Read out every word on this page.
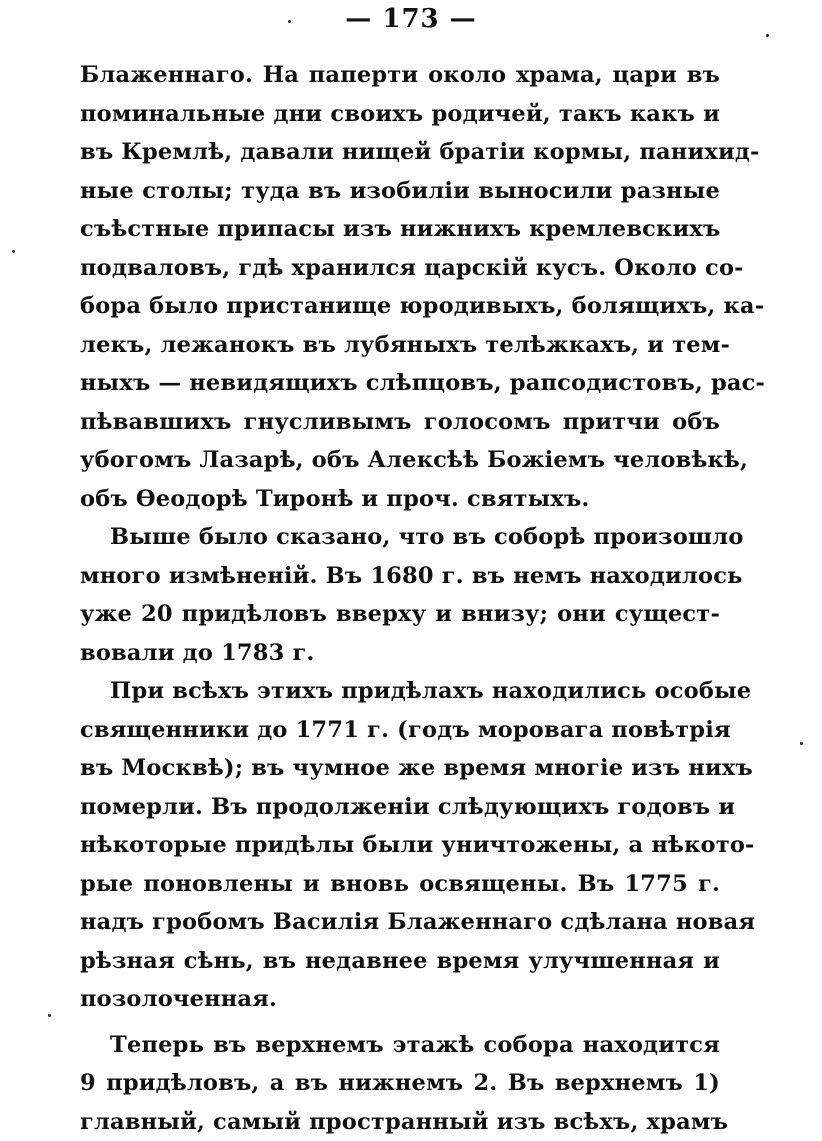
— 173 —
Блаженнаго. На паперти около храма, цари въ
поминальные дни своихъ родичей, такъ какъ и
въ Кремлѣ, давали нищей братіи кормы, панихид-
ные столы; туда въ изобиліи выносили разные
съѣстные припасы изъ нижнихъ кремлевскихъ
подваловъ, гдѣ хранился царскій кусъ. Около со-
бора было пристанище юродивыхъ, болящихъ, ка-
лекъ, лежанокъ въ лубяныхъ телѣжкахъ, и тем-
ныхъ — невидящихъ слѣпцовъ, рапсодистовъ, рас-
пѣвавшихъ гнусливымъ голосомъ притчи объ
убогомъ Лазарѣ, объ Алексѣѣ Божіемъ человѣкѣ,
объ Ѳеодорѣ Тиронѣ и проч. святыхъ.
Выше было сказано, что въ соборѣ произошло
много измѣненій. Въ 1680 г. въ немъ находилось
уже 20 придѣловъ вверху и внизу; они сущест-
вовали до 1783 г.
При всѣхъ этихъ придѣлахъ находились особые
священники до 1771 г. (годъ моровага повѣтрія
въ Москвѣ); въ чумное же время многіе изъ нихъ
померли. Въ продолженіи слѣдующихъ годовъ и
нѣкоторые придѣлы были уничтожены, а нѣкото-
рые поновлены и вновь освящены. Въ 1775 г.
надъ гробомъ Василія Блаженнаго сдѣлана новая
рѣзная сѣнь, въ недавнее время улучшенная и
позолоченная.
Теперь въ верхнемъ этажѣ собора находится
9 придѣловъ, а въ нижнемъ 2. Въ верхнемъ 1)
главный, самый пространный изъ всѣхъ, храмъ
